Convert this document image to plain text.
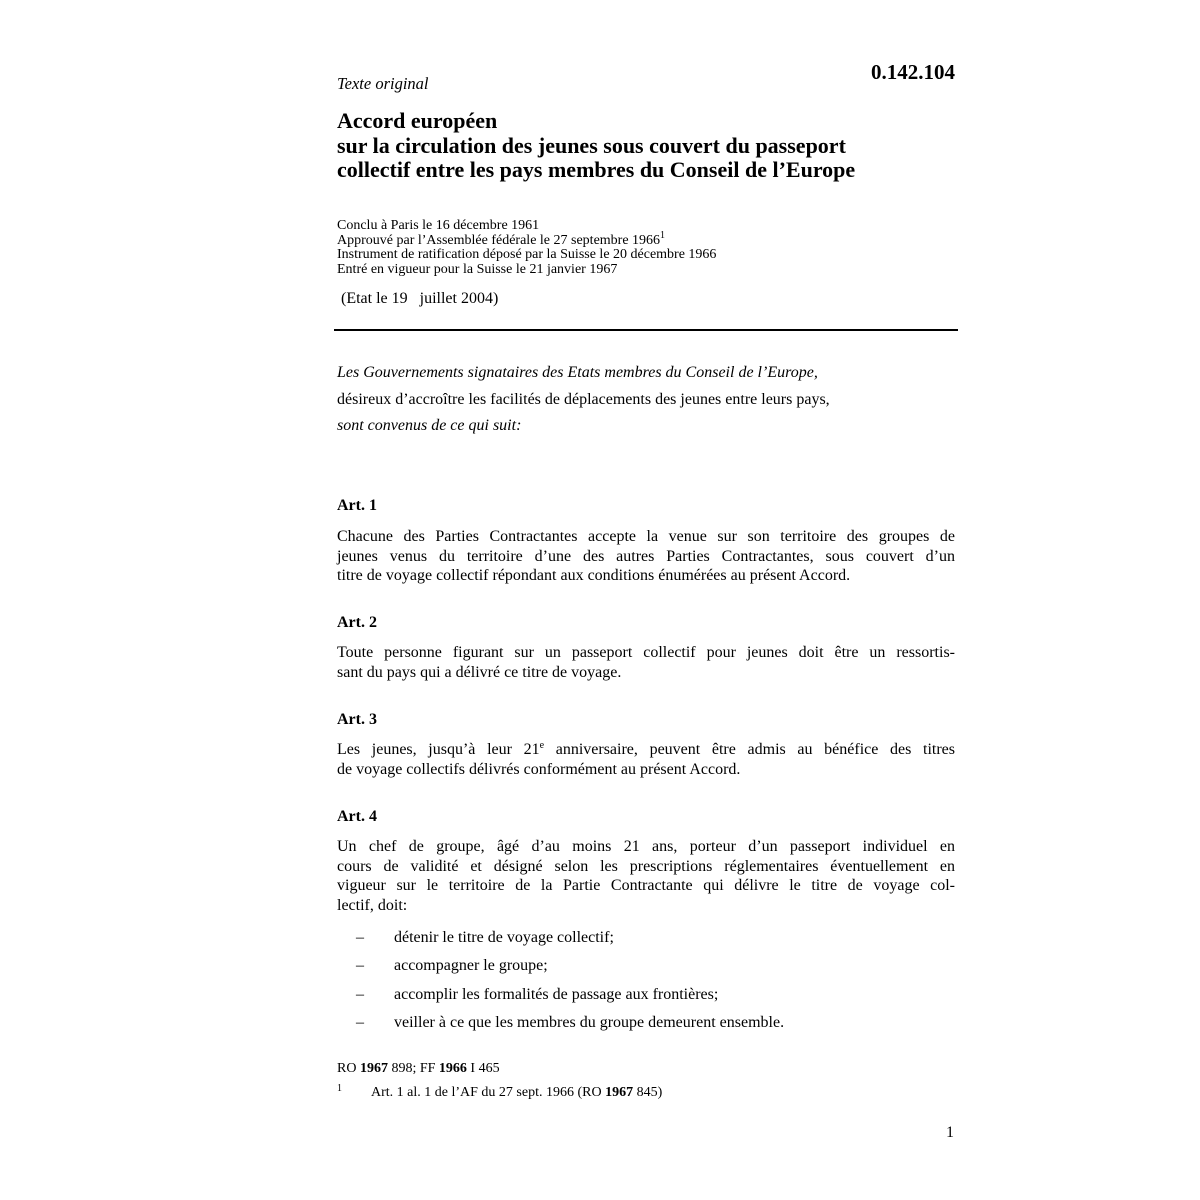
Texte original	0.142.104
Accord européen
sur la circulation des jeunes sous couvert du passeport
collectif entre les pays membres du Conseil de l’Europe
Conclu à Paris le 16 décembre 1961
Approuvé par l’Assemblée fédérale le 27 septembre 1966$^1$
Instrument de ratification déposé par la Suisse le 20 décembre 1966
Entré en vigueur pour la Suisse le 21 janvier 1967
(Etat le 19   juillet 2004)
Les Gouvernements signataires des Etats membres du Conseil de l’Europe,
désireux d’accroître les facilités de déplacements des jeunes entre leurs pays,
sont convenus de ce qui suit:
Art. 1
Chacune des Parties Contractantes accepte la venue sur son territoire des groupes de
jeunes venus du territoire d’une des autres Parties Contractantes, sous couvert d’un
titre de voyage collectif répondant aux conditions énumérées au présent Accord.
Art. 2
Toute personne figurant sur un passeport collectif pour jeunes doit être un ressortis-
sant du pays qui a délivré ce titre de voyage.
Art. 3
Les jeunes, jusqu’à leur 21e anniversaire, peuvent être admis au bénéfice des titres
de voyage collectifs délivrés conformément au présent Accord.
Art. 4
Un chef de groupe, âgé d’au moins 21 ans, porteur d’un passeport individuel en
cours de validité et désigné selon les prescriptions réglementaires éventuellement en
vigueur sur le territoire de la Partie Contractante qui délivre le titre de voyage col-
lectif, doit:
–	détenir le titre de voyage collectif;
–	accompagner le groupe;
–	accomplir les formalités de passage aux frontières;
–	veiller à ce que les membres du groupe demeurent ensemble.
RO 1967 898; FF 1966 I 465
1 Art. 1 al. 1 de l’AF du 27 sept. 1966 (RO 1967 845)
1
